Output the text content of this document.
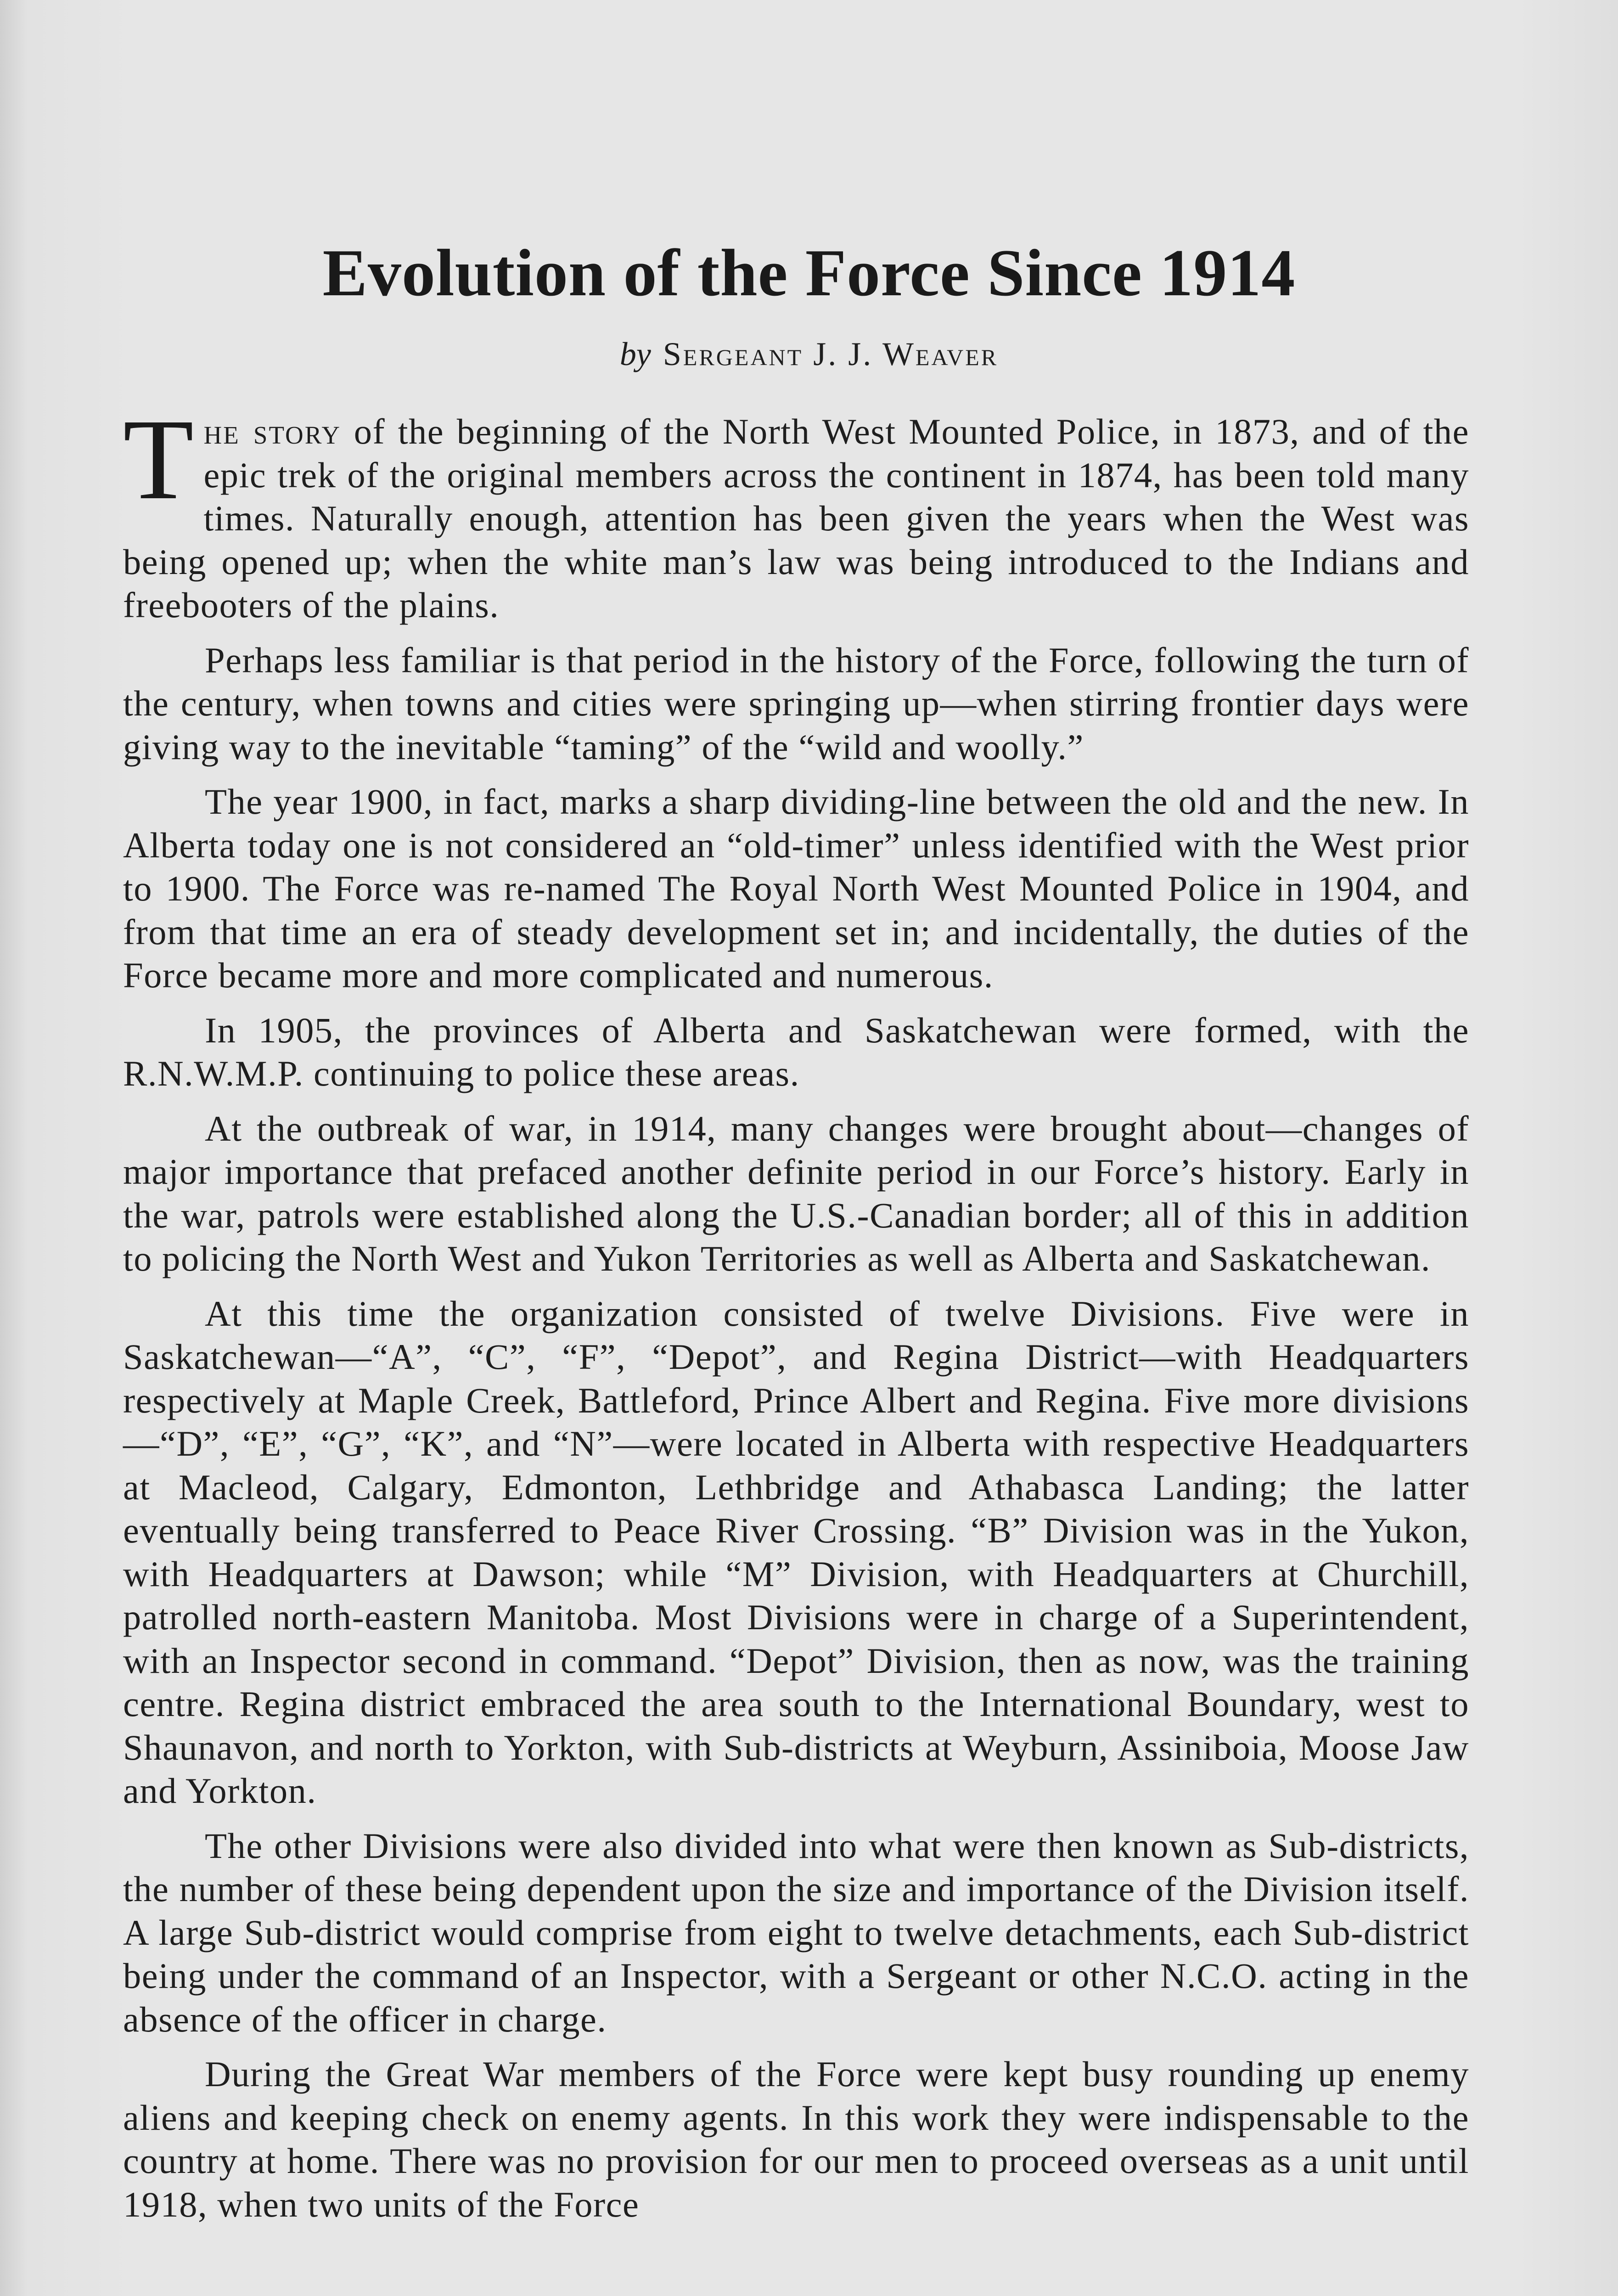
Evolution of the Force Since 1914
by Sergeant J. J. Weaver

The story of the beginning of the North West Mounted Police, in 1873, and of the epic trek of the original members across the continent in 1874, has been told many times. Naturally enough, attention has been given the years when the West was being opened up; when the white man’s law was being introduced to the Indians and freebooters of the plains.

Perhaps less familiar is that period in the history of the Force, following the turn of the century, when towns and cities were springing up—when stirring frontier days were giving way to the inevitable “taming” of the “wild and woolly.”

The year 1900, in fact, marks a sharp dividing-line between the old and the new. In Alberta today one is not considered an “old-timer” unless identified with the West prior to 1900. The Force was re-named The Royal North West Mounted Police in 1904, and from that time an era of steady development set in; and incidentally, the duties of the Force became more and more complicated and numerous.

In 1905, the provinces of Alberta and Saskatchewan were formed, with the R.N.W.M.P. continuing to police these areas.

At the outbreak of war, in 1914, many changes were brought about—changes of major importance that prefaced another definite period in our Force’s history. Early in the war, patrols were established along the U.S.-Canadian border; all of this in addition to policing the North West and Yukon Territories as well as Alberta and Saskatchewan.

At this time the organization consisted of twelve Divisions. Five were in Saskatchewan—“A”, “C”, “F”, “Depot”, and Regina District—with Headquarters respectively at Maple Creek, Battleford, Prince Albert and Regina. Five more divisions—“D”, “E”, “G”, “K”, and “N”—were located in Alberta with respective Headquarters at Macleod, Calgary, Edmonton, Lethbridge and Athabasca Landing; the latter eventually being transferred to Peace River Crossing. “B” Division was in the Yukon, with Headquarters at Dawson; while “M” Division, with Headquarters at Churchill, patrolled north-eastern Manitoba. Most Divisions were in charge of a Superintendent, with an Inspector second in command. “Depot” Division, then as now, was the training centre. Regina district embraced the area south to the International Boundary, west to Shaunavon, and north to Yorkton, with Sub-districts at Weyburn, Assiniboia, Moose Jaw and Yorkton.

The other Divisions were also divided into what were then known as Sub-districts, the number of these being dependent upon the size and importance of the Division itself. A large Sub-district would comprise from eight to twelve detachments, each Sub-district being under the command of an Inspector, with a Sergeant or other N.C.O. acting in the absence of the officer in charge.

During the Great War members of the Force were kept busy rounding up enemy aliens and keeping check on enemy agents. In this work they were indispensable to the country at home. There was no provision for our men to proceed overseas as a unit until 1918, when two units of the Force
